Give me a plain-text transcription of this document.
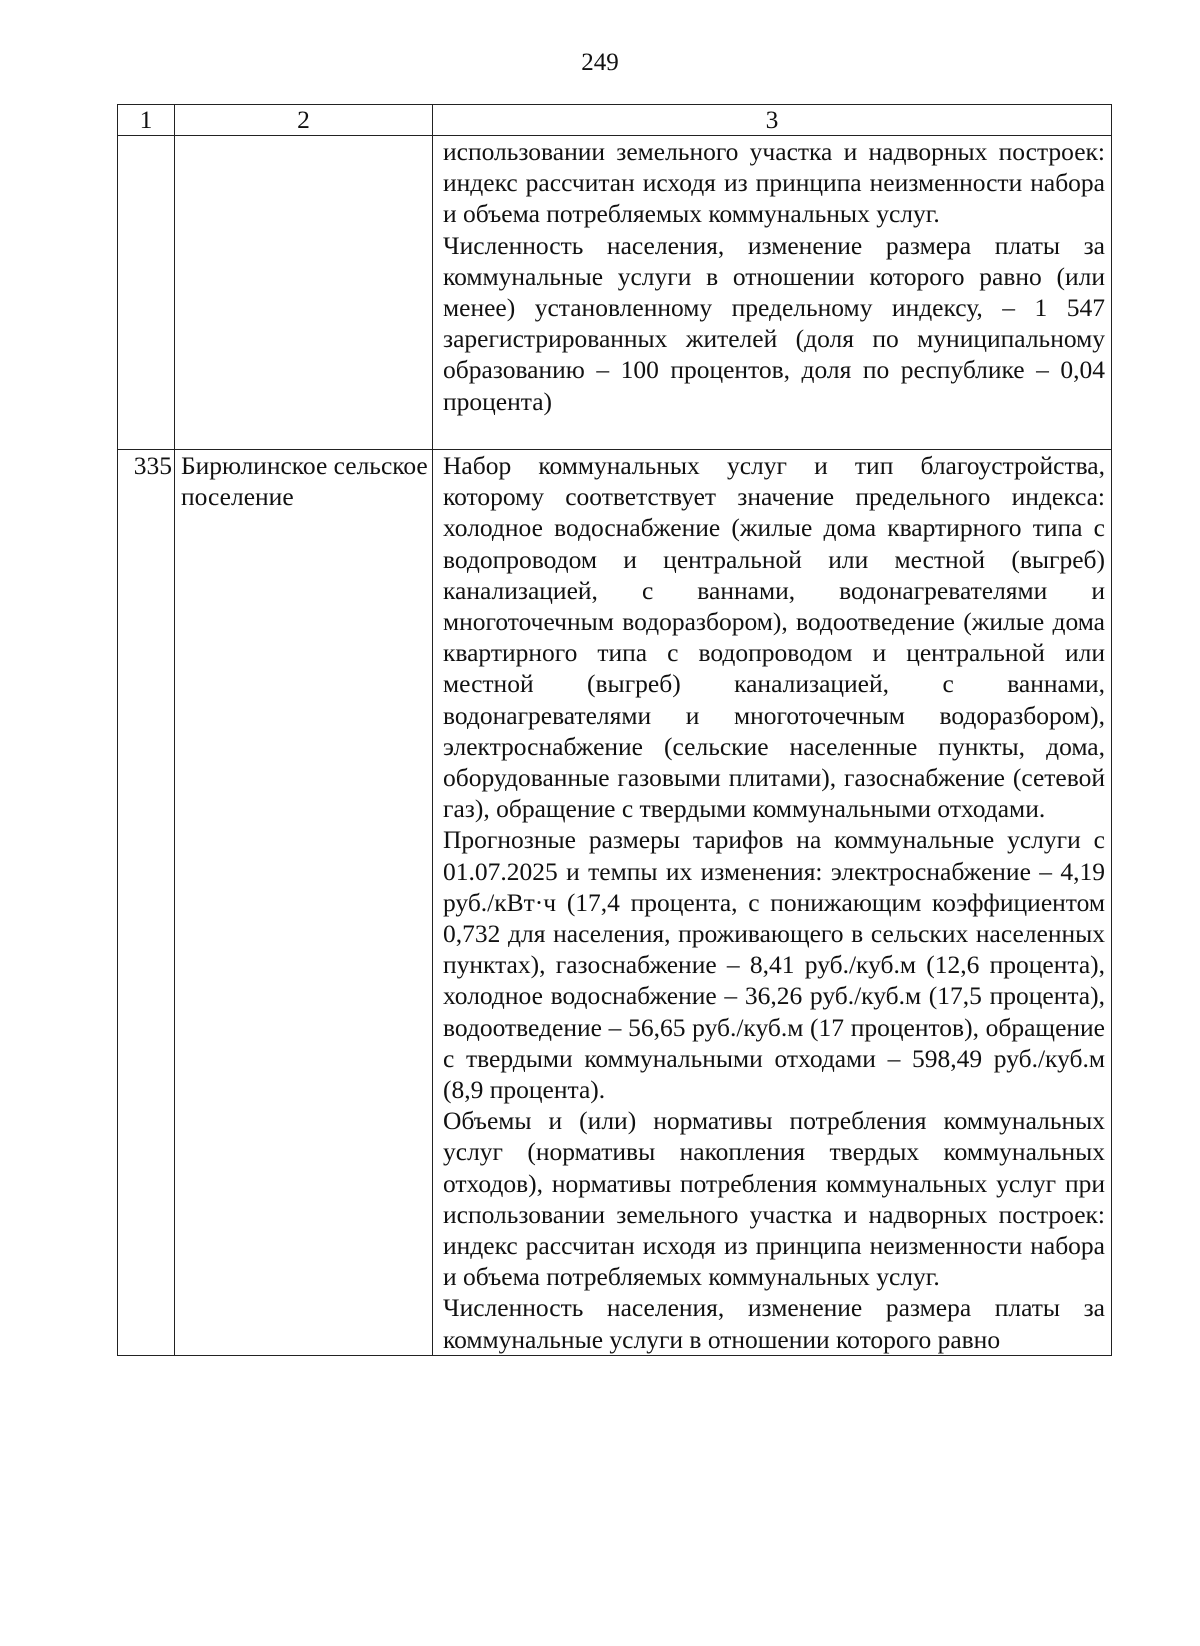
249
1	2	3

		использовании земельного участка и надворных построек: индекс рассчитан исходя из принципа неизменности набора и объема потребляемых коммунальных услуг.

Численность населения, изменение размера платы за коммунальные услуги в отношении которого равно (или менее) установленному предельному индексу, – 1 547 зарегистрированных жителей (доля по муниципальному образованию – 100 процентов, доля по республике – 0,04 процента)

335	Бирюлинское сельское поселение	Набор коммунальных услуг и тип благоустройства, которому соответствует значение предельного индекса: холодное водоснабжение (жилые дома квартирного типа с водопроводом и центральной или местной (выгреб) канализацией, с ваннами, водонагревателями и многоточечным водоразбором), водоотведение (жилые дома квартирного типа с водопроводом и центральной или местной (выгреб) канализацией, с ваннами, водонагревателями и многоточечным водоразбором), электроснабжение (сельские населенные пункты, дома, оборудованные газовыми плитами), газоснабжение (сетевой газ), обращение с твердыми коммунальными отходами.

Прогнозные размеры тарифов на коммунальные услуги с 01.07.2025 и темпы их изменения: электроснабжение – 4,19 руб./кВт·ч (17,4 процента, с понижающим коэффициентом 0,732 для населения, проживающего в сельских населенных пунктах), газоснабжение – 8,41 руб./куб.м (12,6 процента), холодное водоснабжение – 36,26 руб./куб.м (17,5 процента), водоотведение – 56,65 руб./куб.м (17 процентов), обращение с твердыми коммунальными отходами – 598,49 руб./куб.м (8,9 процента).

Объемы и (или) нормативы потребления коммунальных услуг (нормативы накопления твердых коммунальных отходов), нормативы потребления коммунальных услуг при использовании земельного участка и надворных построек: индекс рассчитан исходя из принципа неизменности набора и объема потребляемых коммунальных услуг.

Численность населения, изменение размера платы за коммунальные услуги в отношении которого равно
